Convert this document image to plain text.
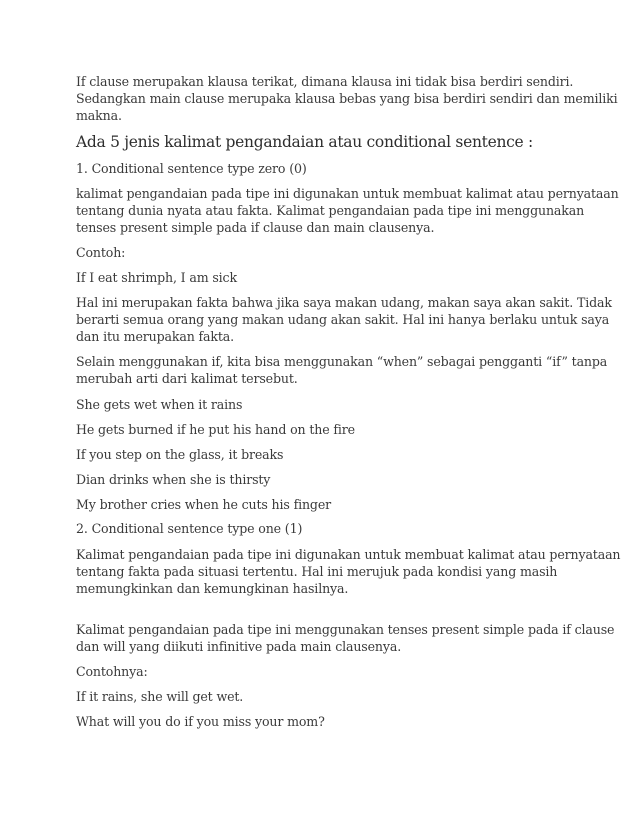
If clause merupakan klausa terikat, dimana klausa ini tidak bisa berdiri sendiri.

Sedangkan main clause merupaka klausa bebas yang bisa berdiri sendiri dan memiliki

makna.

Ada 5 jenis kalimat pengandaian atau conditional sentence :

1. Conditional sentence type zero (0)

kalimat pengandaian pada tipe ini digunakan untuk membuat kalimat atau pernyataan

tentang dunia nyata atau fakta. Kalimat pengandaian pada tipe ini menggunakan

tenses present simple pada if clause dan main clausenya.

Contoh:

If I eat shrimph, I am sick

Hal ini merupakan fakta bahwa jika saya makan udang, makan saya akan sakit. Tidak

berarti semua orang yang makan udang akan sakit. Hal ini hanya berlaku untuk saya

dan itu merupakan fakta.

Selain menggunakan if, kita bisa menggunakan “when” sebagai pengganti “if” tanpa

merubah arti dari kalimat tersebut.

She gets wet when it rains

He gets burned if he put his hand on the fire

If you step on the glass, it breaks

Dian drinks when she is thirsty

My brother cries when he cuts his finger

2. Conditional sentence type one (1)

Kalimat pengandaian pada tipe ini digunakan untuk membuat kalimat atau pernyataan

tentang fakta pada situasi tertentu. Hal ini merujuk pada kondisi yang masih

memungkinkan dan kemungkinan hasilnya.

Kalimat pengandaian pada tipe ini menggunakan tenses present simple pada if clause

dan will yang diikuti infinitive pada main clausenya.

Contohnya:

If it rains, she will get wet.

What will you do if you miss your mom?
